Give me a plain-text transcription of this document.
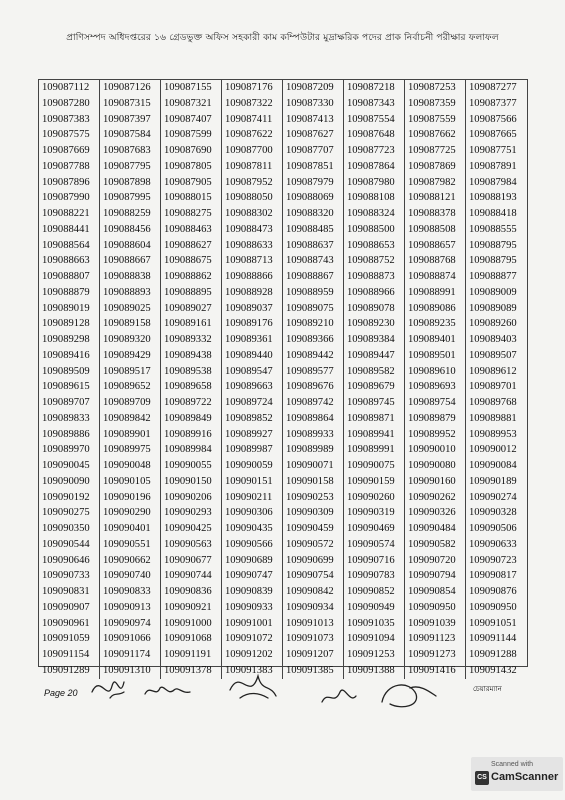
প্রাণিসম্পদ অধিদপ্তরের ১৬ গ্রেডভুক্ত অফিস সহকারী কাম কম্পিউটার মুদ্রাক্ষরিক পদের প্রাক নির্বাচনী পরীক্ষার ফলাফল
109087112
109087280
109087383
109087575
109087669
109087788
109087896
109087990
109088221
109088441
109088564
109088663
109088807
109088879
109089019
109089128
109089298
109089416
109089509
109089615
109089707
109089833
109089886
109089970
109090045
109090090
109090192
109090275
109090350
109090544
109090646
109090733
109090831
109090907
109090961
109091059
109091154
109091289
109087126
109087315
109087397
109087584
109087683
109087795
109087898
109087995
109088259
109088456
109088604
109088667
109088838
109088893
109089025
109089158
109089320
109089429
109089517
109089652
109089709
109089842
109089901
109089975
109090048
109090105
109090196
109090290
109090401
109090551
109090662
109090740
109090833
109090913
109090974
109091066
109091174
109091310
109087155
109087321
109087407
109087599
109087690
109087805
109087905
109088015
109088275
109088463
109088627
109088675
109088862
109088895
109089027
109089161
109089332
109089438
109089538
109089658
109089722
109089849
109089916
109089984
109090055
109090150
109090206
109090293
109090425
109090563
109090677
109090744
109090836
109090921
109091000
109091068
109091191
109091378
109087176
109087322
109087411
109087622
109087700
109087811
109087952
109088050
109088302
109088473
109088633
109088713
109088866
109088928
109089037
109089176
109089361
109089440
109089547
109089663
109089724
109089852
109089927
109089987
109090059
109090151
109090211
109090306
109090435
109090566
109090689
109090747
109090839
109090933
109091001
109091072
109091202
109091383
109087209
109087330
109087413
109087627
109087707
109087851
109087979
109088069
109088320
109088485
109088637
109088743
109088867
109088959
109089075
109089210
109089366
109089442
109089577
109089676
109089742
109089864
109089933
109089989
109090071
109090158
109090253
109090309
109090459
109090572
109090699
109090754
109090842
109090934
109091013
109091073
109091207
109091385
109087218
109087343
109087554
109087648
109087723
109087864
109087980
109088108
109088324
109088500
109088653
109088752
109088873
109088966
109089078
109089230
109089384
109089447
109089582
109089679
109089745
109089871
109089941
109089991
109090075
109090159
109090260
109090319
109090469
109090574
109090716
109090783
109090852
109090949
109091035
109091094
109091253
109091388
109087253
109087359
109087559
109087662
109087725
109087869
109087982
109088121
109088378
109088508
109088657
109088768
109088874
109088991
109089086
109089235
109089401
109089501
109089610
109089693
109089754
109089879
109089952
109090010
109090080
109090160
109090262
109090326
109090484
109090582
109090720
109090794
109090854
109090950
109091039
109091123
109091273
109091416
109087277
109087377
109087566
109087665
109087751
109087891
109087984
109088193
109088418
109088555
109088795
109088795
109088877
109089009
109089089
109089260
109089403
109089507
109089612
109089701
109089768
109089881
109089953
109090012
109090084
109090189
109090274
109090328
109090506
109090633
109090723
109090817
109090876
109090950
109091051
109091144
109091288
109091432
Page 20	চেয়ারম্যান
CS
Scanned with
CamScanner
